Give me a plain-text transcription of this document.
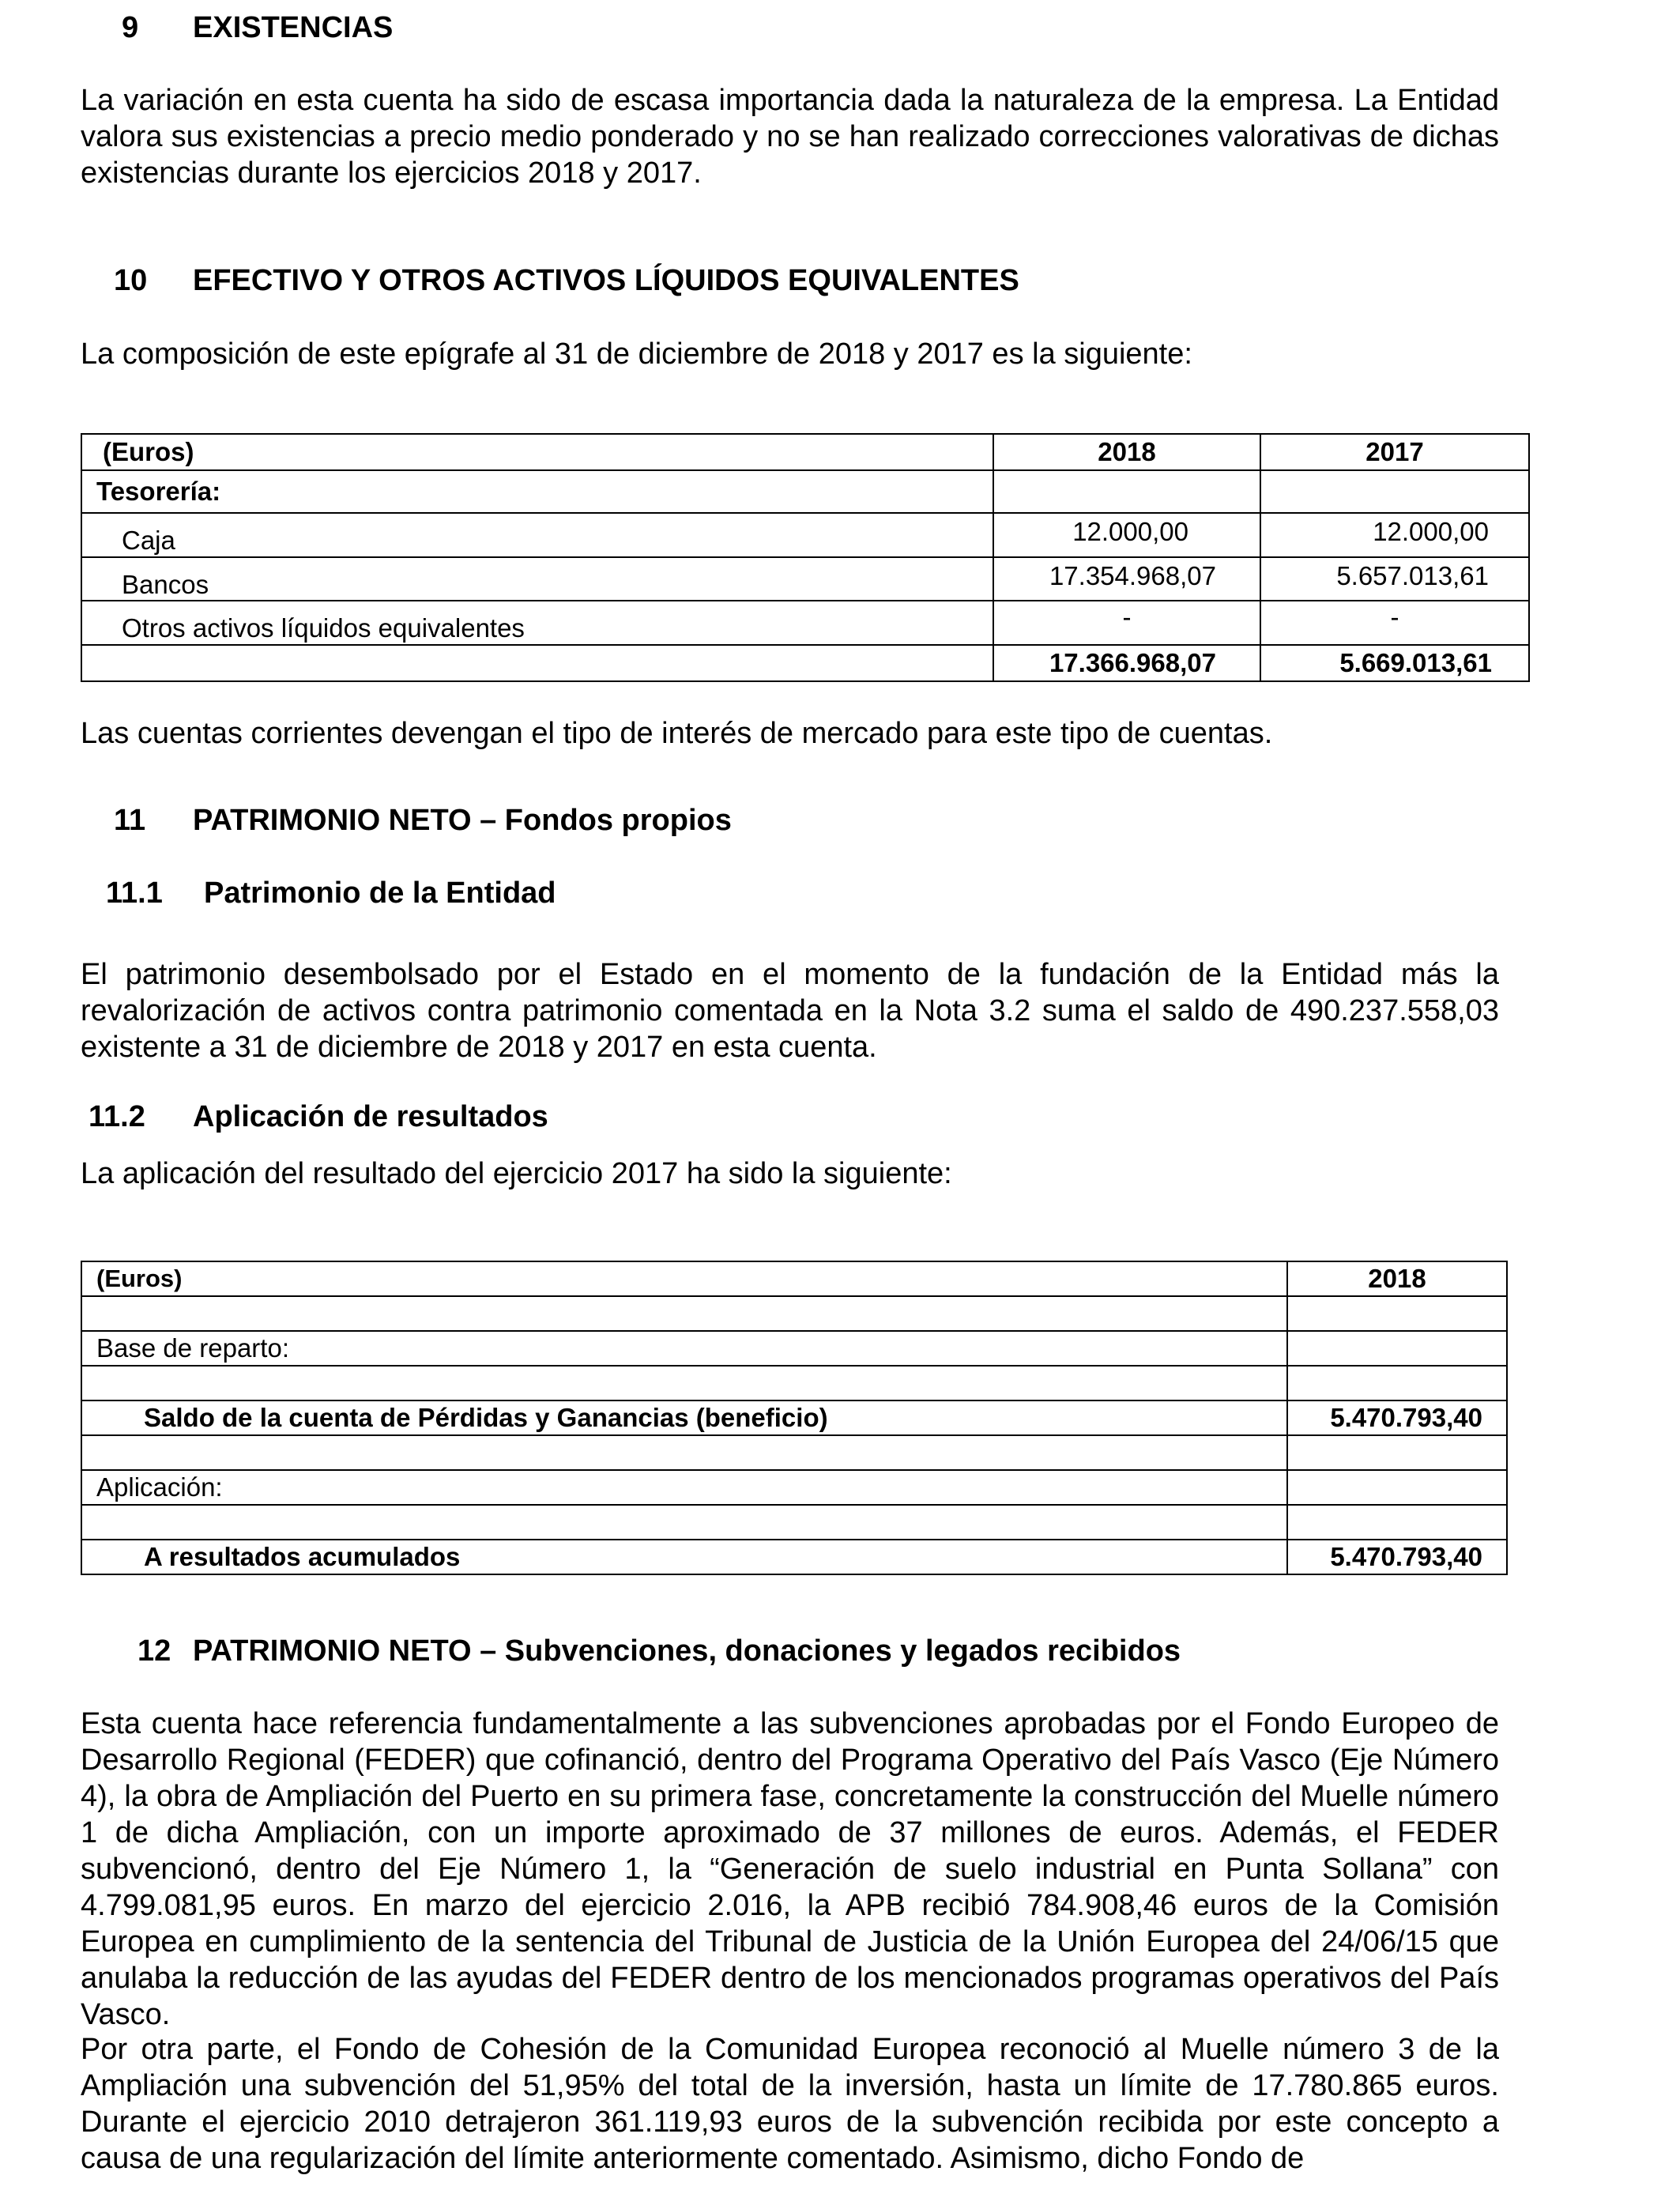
9 EXISTENCIAS
La variación en esta cuenta ha sido de escasa importancia dada la naturaleza de la empresa. La Entidad valora sus existencias a precio medio ponderado y no se han realizado correcciones valorativas de dichas existencias durante los ejercicios 2018 y 2017.
10 EFECTIVO Y OTROS ACTIVOS LÍQUIDOS EQUIVALENTES
La composición de este epígrafe al 31 de diciembre de 2018 y 2017 es la siguiente:
(Euros)	2018	2017
Tesorería:		
Caja	12.000,00	12.000,00
Bancos	17.354.968,07	5.657.013,61
Otros activos líquidos equivalentes	-	-
	17.366.968,07	5.669.013,61
Las cuentas corrientes devengan el tipo de interés de mercado para este tipo de cuentas.
11 PATRIMONIO NETO – Fondos propios
11.1 Patrimonio de la Entidad
El patrimonio desembolsado por el Estado en el momento de la fundación de la Entidad más la revalorización de activos contra patrimonio comentada en la Nota 3.2 suma el saldo de 490.237.558,03 existente a 31 de diciembre de 2018 y 2017 en esta cuenta.
11.2 Aplicación de resultados
La aplicación del resultado del ejercicio 2017 ha sido la siguiente:
(Euros)	2018

Base de reparto:	

Saldo de la cuenta de Pérdidas y Ganancias (beneficio)	5.470.793,40

Aplicación:	

A resultados acumulados	5.470.793,40
12 PATRIMONIO NETO – Subvenciones, donaciones y legados recibidos
Esta cuenta hace referencia fundamentalmente a las subvenciones aprobadas por el Fondo Europeo de Desarrollo Regional (FEDER) que cofinanció, dentro del Programa Operativo del País Vasco (Eje Número 4), la obra de Ampliación del Puerto en su primera fase, concretamente la construcción del Muelle número 1 de dicha Ampliación, con un importe aproximado de 37 millones de euros. Además, el FEDER subvencionó, dentro del Eje Número 1, la “Generación de suelo industrial en Punta Sollana” con 4.799.081,95 euros. En marzo del ejercicio 2.016, la APB recibió 784.908,46 euros de la Comisión Europea en cumplimiento de la sentencia del Tribunal de Justicia de la Unión Europea del 24/06/15 que anulaba la reducción de las ayudas del FEDER dentro de los mencionados programas operativos del País Vasco.
Por otra parte, el Fondo de Cohesión de la Comunidad Europea reconoció al Muelle número 3 de la Ampliación una subvención del 51,95% del total de la inversión, hasta un límite de 17.780.865 euros. Durante el ejercicio 2010 detrajeron 361.119,93 euros de la subvención recibida por este concepto a causa de una regularización del límite anteriormente comentado. Asimismo, dicho Fondo de
